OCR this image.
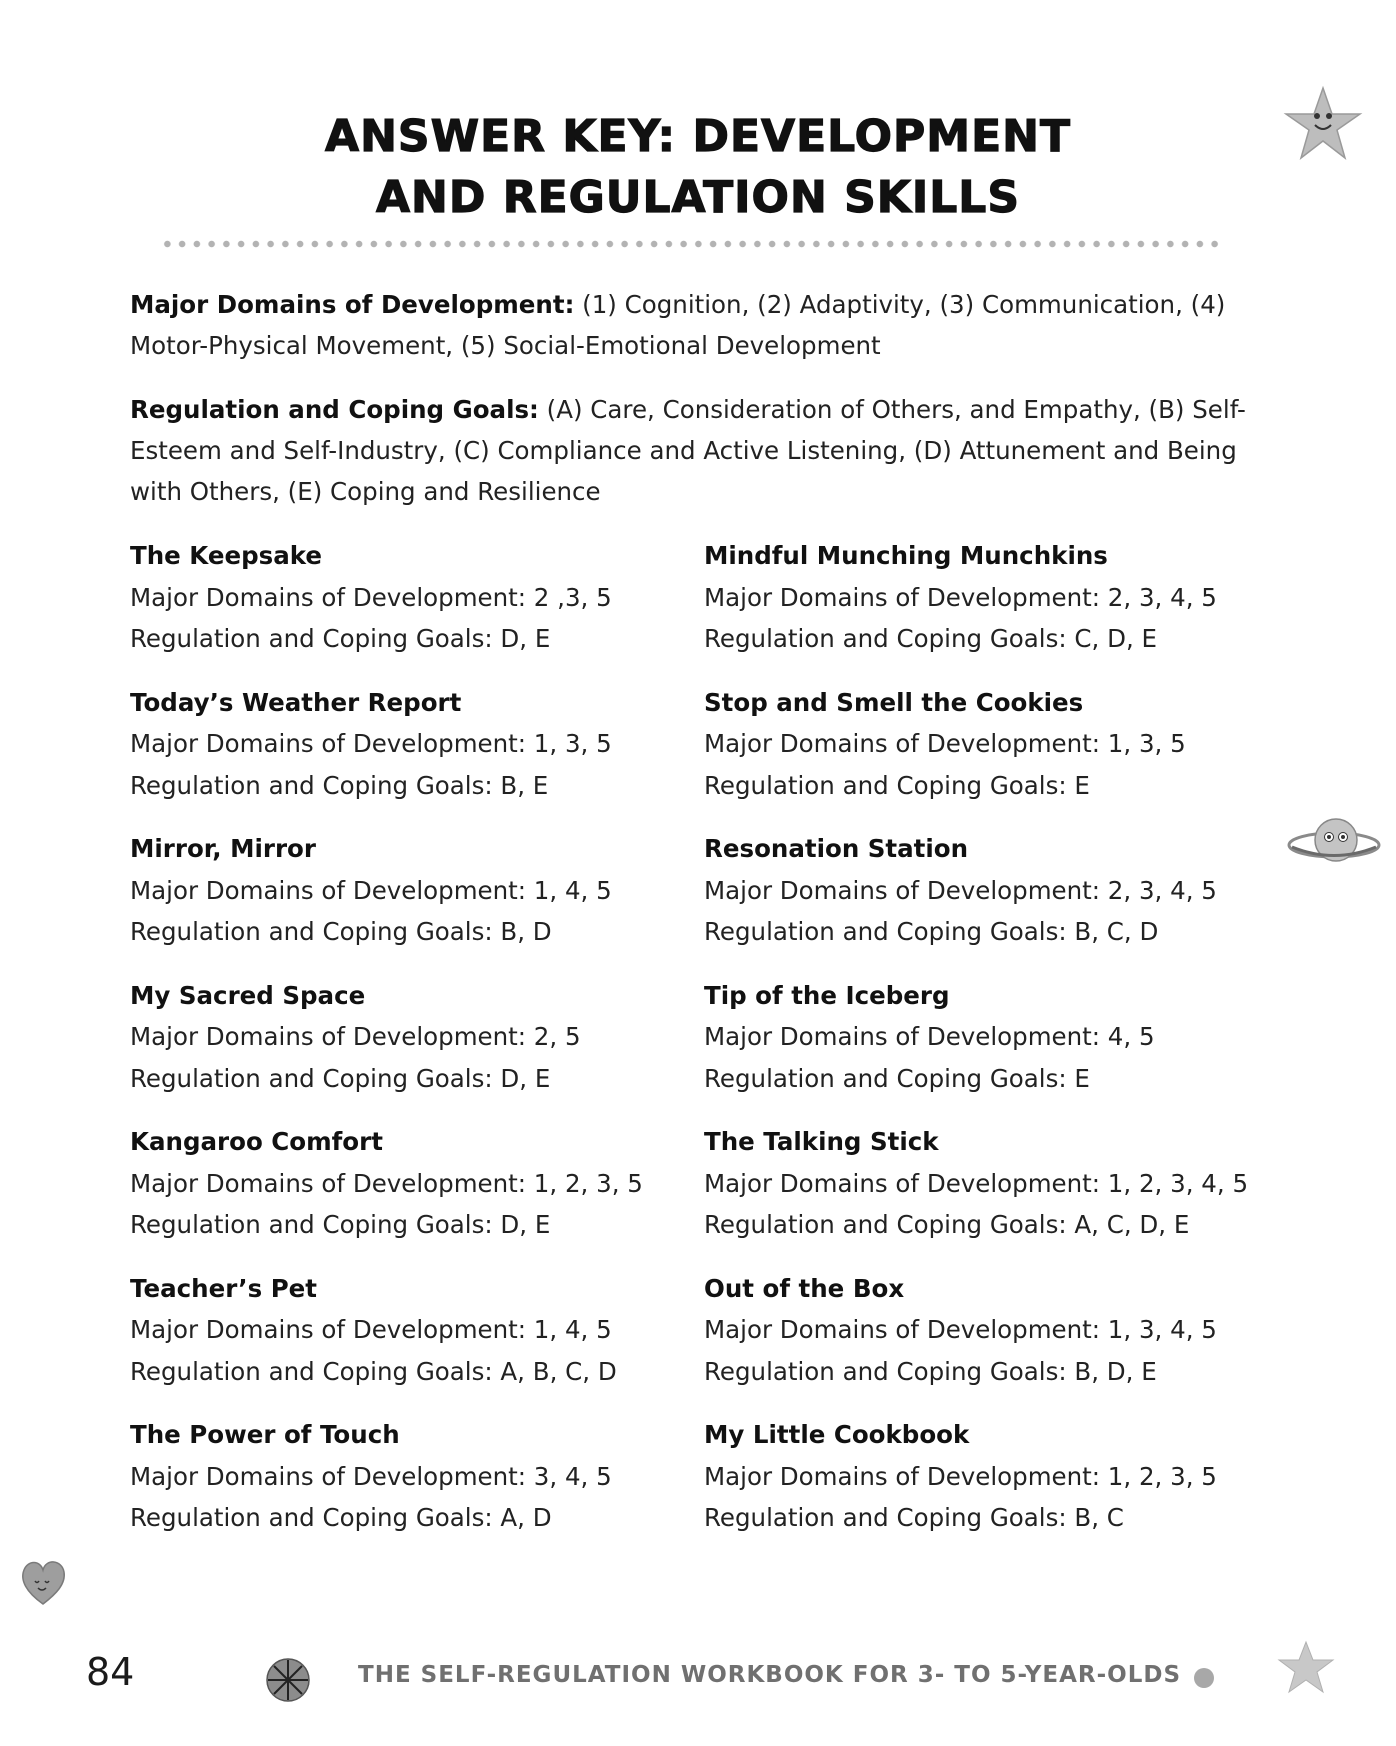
ANSWER KEY: DEVELOPMENT
AND REGULATION SKILLS
Major Domains of Development: (1) Cognition, (2) Adaptivity, (3) Communication, (4) Motor-Physical Movement, (5) Social-Emotional Development
Regulation and Coping Goals: (A) Care, Consideration of Others, and Empathy, (B) Self-Esteem and Self-Industry, (C) Compliance and Active Listening, (D) Attunement and Being with Others, (E) Coping and Resilience
The Keepsake
Major Domains of Development: 2 ,3, 5
Regulation and Coping Goals: D, E
Today’s Weather Report
Major Domains of Development: 1, 3, 5
Regulation and Coping Goals: B, E
Mirror, Mirror
Major Domains of Development: 1, 4, 5
Regulation and Coping Goals: B, D
My Sacred Space
Major Domains of Development: 2, 5
Regulation and Coping Goals: D, E
Kangaroo Comfort
Major Domains of Development: 1, 2, 3, 5
Regulation and Coping Goals: D, E
Teacher’s Pet
Major Domains of Development: 1, 4, 5
Regulation and Coping Goals: A, B, C, D
The Power of Touch
Major Domains of Development: 3, 4, 5
Regulation and Coping Goals: A, D
Mindful Munching Munchkins
Major Domains of Development: 2, 3, 4, 5
Regulation and Coping Goals: C, D, E
Stop and Smell the Cookies
Major Domains of Development: 1, 3, 5
Regulation and Coping Goals: E
Resonation Station
Major Domains of Development: 2, 3, 4, 5
Regulation and Coping Goals: B, C, D
Tip of the Iceberg
Major Domains of Development: 4, 5
Regulation and Coping Goals: E
The Talking Stick
Major Domains of Development: 1, 2, 3, 4, 5
Regulation and Coping Goals: A, C, D, E
Out of the Box
Major Domains of Development: 1, 3, 4, 5
Regulation and Coping Goals: B, D, E
My Little Cookbook
Major Domains of Development: 1, 2, 3, 5
Regulation and Coping Goals: B, C
84	THE SELF-REGULATION WORKBOOK FOR 3- TO 5-YEAR-OLDS
